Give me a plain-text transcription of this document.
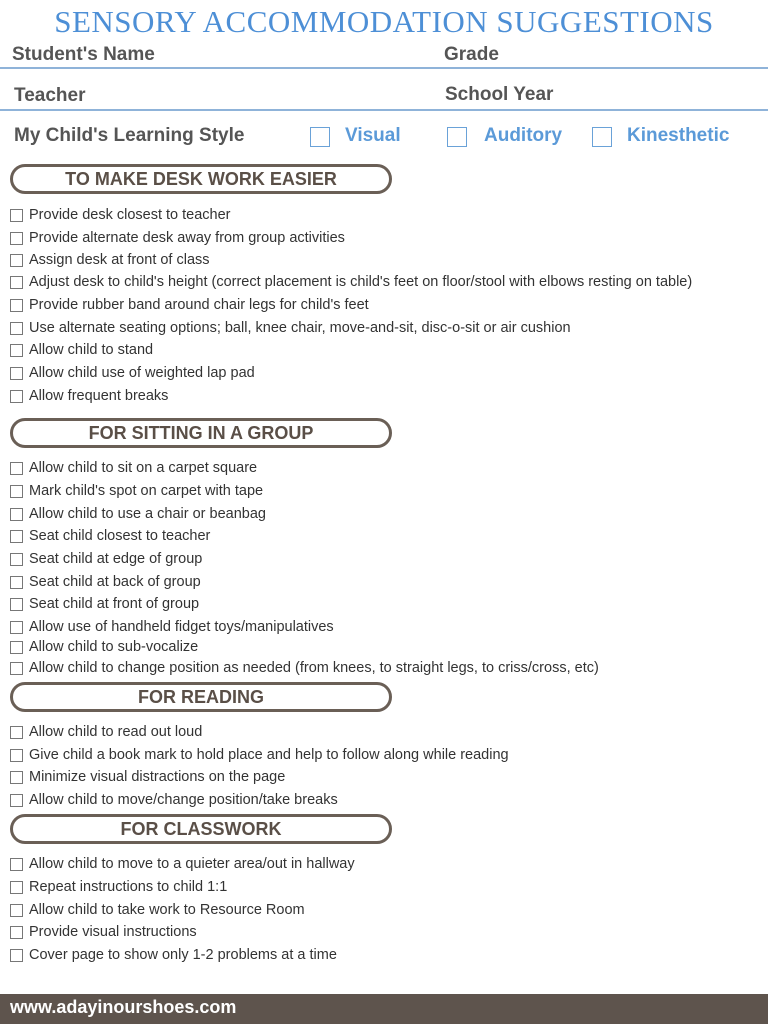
SENSORY ACCOMMODATION SUGGESTIONS
Student's Name	Grade
Teacher	School Year
My Child's Learning Style	Visual	Auditory	Kinesthetic
TO MAKE DESK WORK EASIER
Provide desk closest to teacher
Provide alternate desk away from group activities
Assign desk at front of class
Adjust desk to child's height (correct placement is child's feet on floor/stool with elbows resting on table)
Provide rubber band around chair legs for child's feet
Use alternate seating options; ball, knee chair, move-and-sit, disc-o-sit or air cushion
Allow child to stand
Allow child use of weighted lap pad
Allow frequent breaks
FOR SITTING IN A GROUP
Allow child to sit on a carpet square
Mark child's spot on carpet with tape
Allow child to use a chair or beanbag
Seat child closest to teacher
Seat child at edge of group
Seat child at back of group
Seat child at front of group
Allow use of handheld fidget toys/manipulatives
Allow child to sub-vocalize
Allow child to change position as needed (from knees, to straight legs, to criss/cross, etc)
FOR READING
Allow child to read out loud
Give child a book mark to hold place and help to follow along while reading
Minimize visual distractions on the page
Allow child to move/change position/take breaks
FOR CLASSWORK
Allow child to move to a quieter area/out in hallway
Repeat instructions to child 1:1
Allow child to take work to Resource Room
Provide visual instructions
Cover page to show only 1-2 problems at a time
www.adayinourshoes.com
